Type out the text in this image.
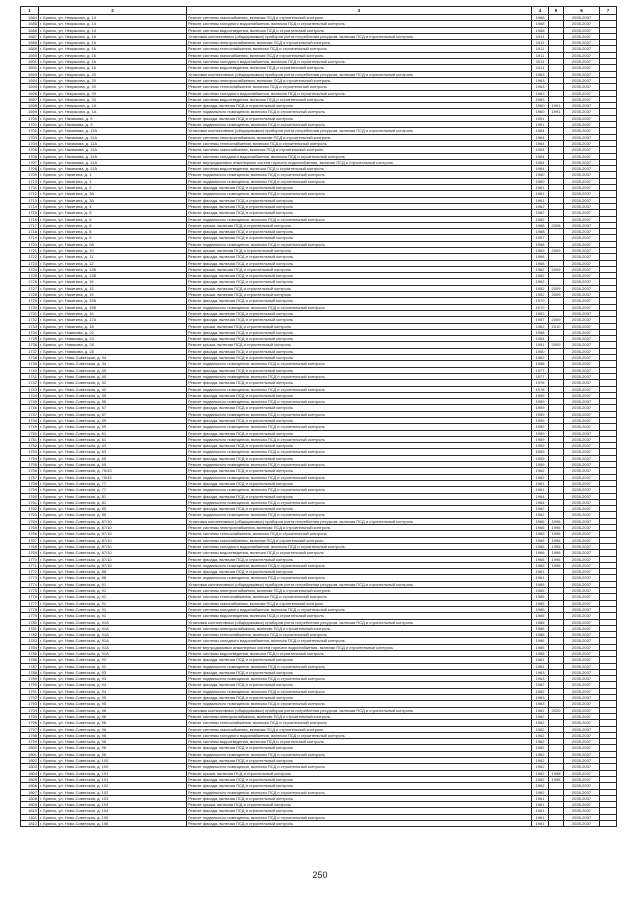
1	2	3	4	5	6	7
1684	г. Брянск, ул. Некрасова, д. 14	Ремонт системы газоснабжения, включая ПСД и строительный контроль	1968		2035-2037	
1685	г. Брянск, ул. Некрасова, д. 14	Ремонт системы холодного водоснабжения, включая ПСД и строительный контроль	1968		2035-2037	
1686	г. Брянск, ул. Некрасова, д. 14	Ремонт системы водоотведения, включая ПСД и строительный контроль	1968		2035-2037	
1687	г. Брянск, ул. Некрасова, д. 16	Установка коллективных (общедомовых) приборов учета потребления ресурсов, включая ПСД и строительный контроль	1911		2035-2037	
1688	г. Брянск, ул. Некрасова, д. 16	Ремонт системы электроснабжения, включая ПСД и строительный контроль	1911		2035-2037	
1689	г. Брянск, ул. Некрасова, д. 16	Ремонт системы теплоснабжения, включая ПСД и строительный контроль	1911		2035-2037	
1690	г. Брянск, ул. Некрасова, д. 16	Ремонт системы газоснабжения, включая ПСД и строительный контроль	1911		2035-2037	
1691	г. Брянск, ул. Некрасова, д. 16	Ремонт системы холодного водоснабжения, включая ПСД и строительный контроль	1911		2035-2037	
1692	г. Брянск, ул. Некрасова, д. 16	Ремонт системы водоотведения, включая ПСД и строительный контроль	1911		2035-2037	
1693	г. Брянск, ул. Некрасова, д. 20	Установка коллективных (общедомовых) приборов учета потребления ресурсов, включая ПСД и строительный контроль	1963		2035-2037	
1694	г. Брянск, ул. Некрасова, д. 20	Ремонт системы электроснабжения, включая ПСД и строительный контроль	1963		2035-2037	
1695	г. Брянск, ул. Некрасова, д. 20	Ремонт системы теплоснабжения, включая ПСД и строительный контроль	1963		2035-2037	
1696	г. Брянск, ул. Некрасова, д. 20	Ремонт системы холодного водоснабжения, включая ПСД и строительный контроль	1963		2035-2037	
1697	г. Брянск, ул. Некрасова, д. 20	Ремонт системы водоотведения, включая ПСД и строительный контроль	1963		2035-2037	
1698	г. Брянск, ул. Некрасова, д. 1А	Ремонт фасада, включая ПСД и строительный контроль	1960	1991	2035-2037	
1699	г. Брянск, ул. Некрасова, д. 1А	Ремонт подвального помещения, включая ПСД и строительный контроль	1960	1991	2035-2037	
1700	г. Брянск, ул. Нахимова, д. 9	Ремонт фасада, включая ПСД и строительный контроль	1951		2035-2037	
1701	г. Брянск, ул. Нахимова, д. 9	Ремонт подвального помещения, включая ПСД и строительный контроль	1951		2035-2037	
1702	г. Брянск, ул. Нахимова, д. 11А	Установка коллективных (общедомовых) приборов учета потребления ресурсов, включая ПСД и строительный контроль	1964		2035-2037	
1703	г. Брянск, ул. Нахимова, д. 11А	Ремонт системы электроснабжения, включая ПСД и строительный контроль	1964		2035-2037	
1704	г. Брянск, ул. Нахимова, д. 11А	Ремонт системы теплоснабжения, включая ПСД и строительный контроль	1964		2035-2037	
1705	г. Брянск, ул. Нахимова, д. 11А	Ремонт системы газоснабжения, включая ПСД и строительный контроль	1964		2035-2037	
1706	г. Брянск, ул. Нахимова, д. 11А	Ремонт системы холодного водоснабжения, включая ПСД и строительный контроль	1964		2035-2037	
1707	г. Брянск, ул. Нахимова, д. 11А	Ремонт внутридомовых инженерных систем горячего водоснабжения, включая ПСД и строительный контроль	1964		2035-2037	
1708	г. Брянск, ул. Нахимова, д. 11А	Ремонт системы водоотведения, включая ПСД и строительный контроль	1964		2035-2037	
1709	г. Брянск, ул. Никитина, д. 1	Ремонт подвального помещения, включая ПСД и строительный контроль	1960		2035-2037	
1710	г. Брянск, ул. Никитина, д. 1	Ремонт подвального помещения, включая ПСД и строительный контроль	1960		2035-2037	
1711	г. Брянск, ул. Никитина, д. 2	Ремонт фасада, включая ПСД и строительный контроль	1961		2035-2037	
1712	г. Брянск, ул. Никитина, д. 3А	Ремонт подвального помещения, включая ПСД и строительный контроль	1961		2035-2037	
1713	г. Брянск, ул. Никитина, д. 3А	Ремонт фасада, включая ПСД и строительный контроль	1961		2035-2037	
1714	г. Брянск, ул. Никитина, д. 4	Ремонт фасада, включая ПСД и строительный контроль	1962		2035-2037	
1715	г. Брянск, ул. Никитина, д. 5	Ремонт фасада, включая ПСД и строительный контроль	1962		2035-2037	
1716	г. Брянск, ул. Никитина, д. 6	Ремонт подвального помещения, включая ПСД и строительный контроль	1962		2035-2037	
1717	г. Брянск, ул. Никитина, д. 8	Ремонт крыши, включая ПСД и строительный контроль	1988	2008	2035-2037	
1718	г. Брянск, ул. Никитина, д. 8	Ремонт фасада, включая ПСД и строительный контроль	1988		2035-2037	
1719	г. Брянск, ул. Никитина, д. 9	Ремонт фасада, включая ПСД и строительный контроль	1957		2035-2037	
1720	г. Брянск, ул. Никитина, д. 9А	Ремонт подвального помещения, включая ПСД и строительный контроль	1958		2035-2037	
1721	г. Брянск, ул. Никитина, д. 10	Ремонт крыши, включая ПСД и строительный контроль	1969	2009	2035-2037	
1722	г. Брянск, ул. Никитина, д. 11	Ремонт фасада, включая ПСД и строительный контроль	1968		2035-2037	
1723	г. Брянск, ул. Никитина, д. 12	Ремонт фасада, включая ПСД и строительный контроль	1968		2035-2037	
1724	г. Брянск, ул. Никитина, д. 13Б	Ремонт крыши, включая ПСД и строительный контроль	1962	2009	2035-2037	
1725	г. Брянск, ул. Никитина, д. 13Б	Ремонт фасада, включая ПСД и строительный контроль	1962		2035-2037	
1726	г. Брянск, ул. Никитина, д. 15	Ремонт фасада, включая ПСД и строительный контроль	1962		2035-2037	
1727	г. Брянск, ул. Никитина, д. 15	Ремонт крыши, включая ПСД и строительный контроль	1952	2009	2035-2037	
1728	г. Брянск, ул. Никитина, д. 15	Ремонт крыши, включая ПСД и строительный контроль	1952	2009	2035-2037	
1729	г. Брянск, ул. Никитина, д. 15Б	Ремонт фасада, включая ПСД и строительный контроль	1970		2035-2037	
1730	г. Брянск, ул. Никитина, д. 15Б	Ремонт подвального помещения, включая ПСД и строительный контроль	1970		2035-2037	
1731	г. Брянск, ул. Никитина, д. 16	Ремонт фасада, включая ПСД и строительный контроль	1962		2035-2037	
1732	г. Брянск, ул. Никитина, д. 17А	Ремонт фасада, включая ПСД и строительный контроль	1957	2009	2035-2037	
1733	г. Брянск, ул. Никитина, д. 18	Ремонт крыши, включая ПСД и строительный контроль	1962	2010	2035-2037	
1734	г. Брянск, ул. Новикова, д. 22	Ремонт фасада, включая ПСД и строительный контроль	1958		2035-2037	
1735	г. Брянск, ул. Новикова, д. 24	Ремонт фасада, включая ПСД и строительный контроль	1954		2035-2037	
1736	г. Брянск, ул. Новикова, д. 26	Ремонт крыши, включая ПСД и строительный контроль	1951	2009	2035-2037	
1737	г. Брянск, ул. Новикова, д. 26	Ремонт фасада, включая ПСД и строительный контроль	1950		2035-2037	
1738	г. Брянск, ул. Ново-Советская, д. 34	Ремонт фасада, включая ПСД и строительный контроль	1962		2035-2037	
1739	г. Брянск, ул. Ново-Советская, д. 34	Ремонт подвального помещения, включая ПСД и строительный контроль	1968		2035-2037	
1740	г. Брянск, ул. Ново-Советская, д. 40	Ремонт фасада, включая ПСД и строительный контроль	1977		2035-2037	
1741	г. Брянск, ул. Ново-Советская, д. 40	Ремонт подвального помещения, включая ПСД и строительный контроль	1977		2035-2037	
1742	г. Брянск, ул. Ново-Советская, д. 42	Ремонт фасада, включая ПСД и строительный контроль	1978		2035-2037	
1743	г. Брянск, ул. Ново-Советская, д. 42	Ремонт подвального помещения, включая ПСД и строительный контроль	1978		2035-2037	
1744	г. Брянск, ул. Ново-Советская, д. 55	Ремонт фасада, включая ПСД и строительный контроль	1959		2035-2037	
1745	г. Брянск, ул. Ново-Советская, д. 55	Ремонт подвального помещения, включая ПСД и строительный контроль	1959		2035-2037	
1746	г. Брянск, ул. Ново-Советская, д. 57	Ремонт фасада, включая ПСД и строительный контроль	1959		2035-2037	
1747	г. Брянск, ул. Ново-Советская, д. 57	Ремонт подвального помещения, включая ПСД и строительный контроль	1959		2035-2037	
1748	г. Брянск, ул. Ново-Советская, д. 59	Ремонт фасада, включая ПСД и строительный контроль	1959		2035-2037	
1749	г. Брянск, ул. Ново-Советская, д. 59	Ремонт подвального помещения, включая ПСД и строительный контроль	1959		2035-2037	
1750	г. Брянск, ул. Ново-Советская, д. 61	Ремонт фасада, включая ПСД и строительный контроль	1959		2035-2037	
1751	г. Брянск, ул. Ново-Советская, д. 61	Ремонт подвального помещения, включая ПСД и строительный контроль	1959		2035-2037	
1752	г. Брянск, ул. Ново-Советская, д. 63	Ремонт фасада, включая ПСД и строительный контроль	1959		2035-2037	
1753	г. Брянск, ул. Ново-Советская, д. 63	Ремонт подвального помещения, включая ПСД и строительный контроль	1959		2035-2037	
1754	г. Брянск, ул. Ново-Советская, д. 65	Ремонт фасада, включая ПСД и строительный контроль	1959		2035-2037	
1755	г. Брянск, ул. Ново-Советская, д. 65	Ремонт подвального помещения, включая ПСД и строительный контроль	1959		2035-2037	
1756	г. Брянск, ул. Ново-Советская, д. 75/43	Ремонт фасада, включая ПСД и строительный контроль	1962		2035-2037	
1757	г. Брянск, ул. Ново-Советская, д. 75/43	Ремонт подвального помещения, включая ПСД и строительный контроль	1962		2035-2037	
1758	г. Брянск, ул. Ново-Советская, д. 77	Ремонт фасада, включая ПСД и строительный контроль	1961		2035-2037	
1759	г. Брянск, ул. Ново-Советская, д. 77	Ремонт подвального помещения, включая ПСД и строительный контроль	1961		2035-2037	
1760	г. Брянск, ул. Ново-Советская, д. 81	Ремонт фасада, включая ПСД и строительный контроль	1964		2035-2037	
1761	г. Брянск, ул. Ново-Советская, д. 81	Ремонт подвального помещения, включая ПСД и строительный контроль	1964		2035-2037	
1762	г. Брянск, ул. Ново-Советская, д. 85	Ремонт фасада, включая ПСД и строительный контроль	1962		2035-2037	
1763	г. Брянск, ул. Ново-Советская, д. 85	Ремонт подвального помещения, включая ПСД и строительный контроль	1962		2035-2037	
1764	г. Брянск, ул. Ново-Советская, д. 87/10	Установка коллективных (общедомовых) приборов учета потребления ресурсов, включая ПСД и строительный контроль	1966	1996	2035-2037	
1765	г. Брянск, ул. Ново-Советская, д. 87/10	Ремонт системы электроснабжения, включая ПСД и строительный контроль	1966	1996	2035-2037	
1766	г. Брянск, ул. Ново-Советская, д. 87/10	Ремонт системы теплоснабжения, включая ПСД и строительный контроль	1966	1996	2035-2037	
1767	г. Брянск, ул. Ново-Советская, д. 87/10	Ремонт системы газоснабжения, включая ПСД и строительный контроль	1966	1996	2035-2037	
1768	г. Брянск, ул. Ново-Советская, д. 87/10	Ремонт системы холодного водоснабжения, включая ПСД и строительный контроль	1966	1996	2035-2037	
1769	г. Брянск, ул. Ново-Советская, д. 87/10	Ремонт системы водоотведения, включая ПСД и строительный контроль	1966	1996	2035-2037	
1770	г. Брянск, ул. Ново-Советская, д. 87/10	Ремонт фасада, включая ПСД и строительный контроль	1966	1996	2035-2037	
1771	г. Брянск, ул. Ново-Советская, д. 87/10	Ремонт подвального помещения, включая ПСД и строительный контроль	1966	1996	2035-2037	
1772	г. Брянск, ул. Ново-Советская, д. 88	Ремонт фасада, включая ПСД и строительный контроль	1961		2035-2037	
1773	г. Брянск, ул. Ново-Советская, д. 88	Ремонт подвального помещения, включая ПСД и строительный контроль	1961		2035-2037	
1774	г. Брянск, ул. Ново-Советская, д. 91	Установка коллективных (общедомовых) приборов учета потребления ресурсов, включая ПСД и строительный контроль	1985		2035-2037	
1775	г. Брянск, ул. Ново-Советская, д. 91	Ремонт системы электроснабжения, включая ПСД и строительный контроль	1985		2035-2037	
1776	г. Брянск, ул. Ново-Советская, д. 91	Ремонт системы теплоснабжения, включая ПСД и строительный контроль	1985		2035-2037	
1777	г. Брянск, ул. Ново-Советская, д. 91	Ремонт системы газоснабжения, включая ПСД и строительный контроль	1985		2035-2037	
1778	г. Брянск, ул. Ново-Советская, д. 91	Ремонт системы холодного водоснабжения, включая ПСД и строительный контроль	1985		2035-2037	
1779	г. Брянск, ул. Ново-Советская, д. 91	Ремонт системы водоотведения, включая ПСД и строительный контроль	1985		2035-2037	
1780	г. Брянск, ул. Ново-Советская, д. 91А	Установка коллективных (общедомовых) приборов учета потребления ресурсов, включая ПСД и строительный контроль	1986		2035-2037	
1781	г. Брянск, ул. Ново-Советская, д. 91А	Ремонт системы электроснабжения, включая ПСД и строительный контроль	1986		2035-2037	
1782	г. Брянск, ул. Ново-Советская, д. 91А	Ремонт системы теплоснабжения, включая ПСД и строительный контроль	1986		2035-2037	
1783	г. Брянск, ул. Ново-Советская, д. 91А	Ремонт системы холодного водоснабжения, включая ПСД и строительный контроль	1986		2035-2037	
1784	г. Брянск, ул. Ново-Советская, д. 91А	Ремонт внутридомовых инженерных систем горячего водоснабжения, включая ПСД и строительный контроль	1986		2035-2037	
1785	г. Брянск, ул. Ново-Советская, д. 91А	Ремонт системы водоотведения, включая ПСД и строительный контроль	1986		2035-2037	
1786	г. Брянск, ул. Ново-Советская, д. 92	Ремонт фасада, включая ПСД и строительный контроль	1961		2035-2037	
1787	г. Брянск, ул. Ново-Советская, д. 92	Ремонт подвального помещения, включая ПСД и строительный контроль	1961		2035-2037	
1788	г. Брянск, ул. Ново-Советская, д. 93	Ремонт фасада, включая ПСД и строительный контроль	1963		2035-2037	
1789	г. Брянск, ул. Ново-Советская, д. 93	Ремонт подвального помещения, включая ПСД и строительный контроль	1963		2035-2037	
1790	г. Брянск, ул. Ново-Советская, д. 94	Ремонт фасада, включая ПСД и строительный контроль	1962		2035-2037	
1791	г. Брянск, ул. Ново-Советская, д. 94	Ремонт подвального помещения, включая ПСД и строительный контроль	1962		2035-2037	
1792	г. Брянск, ул. Ново-Советская, д. 95	Ремонт фасада, включая ПСД и строительный контроль	1963		2035-2037	
1793	г. Брянск, ул. Ново-Советская, д. 95	Ремонт подвального помещения, включая ПСД и строительный контроль	1963		2035-2037	
1794	г. Брянск, ул. Ново-Советская, д. 96	Установка коллективных (общедомовых) приборов учета потребления ресурсов, включая ПСД и строительный контроль	1962	2020	2035-2037	
1795	г. Брянск, ул. Ново-Советская, д. 96	Ремонт системы электроснабжения, включая ПСД и строительный контроль	1962		2035-2037	
1796	г. Брянск, ул. Ново-Советская, д. 96	Ремонт системы теплоснабжения, включая ПСД и строительный контроль	1962		2035-2037	
1797	г. Брянск, ул. Ново-Советская, д. 96	Ремонт системы газоснабжения, включая ПСД и строительный контроль	1962		2035-2037	
1798	г. Брянск, ул. Ново-Советская, д. 96	Ремонт системы холодного водоснабжения, включая ПСД и строительный контроль	1962		2035-2037	
1799	г. Брянск, ул. Ново-Советская, д. 96	Ремонт системы водоотведения, включая ПСД и строительный контроль	1962		2035-2037	
1800	г. Брянск, ул. Ново-Советская, д. 96	Ремонт фасада, включая ПСД и строительный контроль	1962		2035-2037	
1801	г. Брянск, ул. Ново-Советская, д. 96	Ремонт подвального помещения, включая ПСД и строительный контроль	1962		2035-2037	
1802	г. Брянск, ул. Ново-Советская, д. 100	Ремонт фасада, включая ПСД и строительный контроль	1962		2035-2037	
1803	г. Брянск, ул. Ново-Советская, д. 100	Ремонт подвального помещения, включая ПСД и строительный контроль	1962		2035-2037	
1804	г. Брянск, ул. Ново-Советская, д. 101	Ремонт крыши, включая ПСД и строительный контроль	1962	1998	2035-2037	
1805	г. Брянск, ул. Ново-Советская, д. 101	Ремонт фасада, включая ПСД и строительный контроль	1962	1998	2035-2037	
1806	г. Брянск, ул. Ново-Советская, д. 102	Ремонт фасада, включая ПСД и строительный контроль	1962		2035-2037	
1807	г. Брянск, ул. Ново-Советская, д. 102	Ремонт подвального помещения, включая ПСД и строительный контроль	1962		2035-2037	
1808	г. Брянск, ул. Ново-Советская, д. 103	Ремонт фасада, включая ПСД и строительный контроль	1961		2035-2037	
1809	г. Брянск, ул. Ново-Советская, д. 104	Ремонт крыши, включая ПСД и строительный контроль	1961		2035-2037	
1810	г. Брянск, ул. Ново-Советская, д. 104	Ремонт фасада, включая ПСД и строительный контроль	1961		2035-2037	
1811	г. Брянск, ул. Ново-Советская, д. 105	Ремонт подвального помещения, включая ПСД и строительный контроль	1961		2035-2037	
1812	г. Брянск, ул. Ново-Советская, д. 106	Ремонт фасада, включая ПСД и строительный контроль	1961		2035-2037	
250
